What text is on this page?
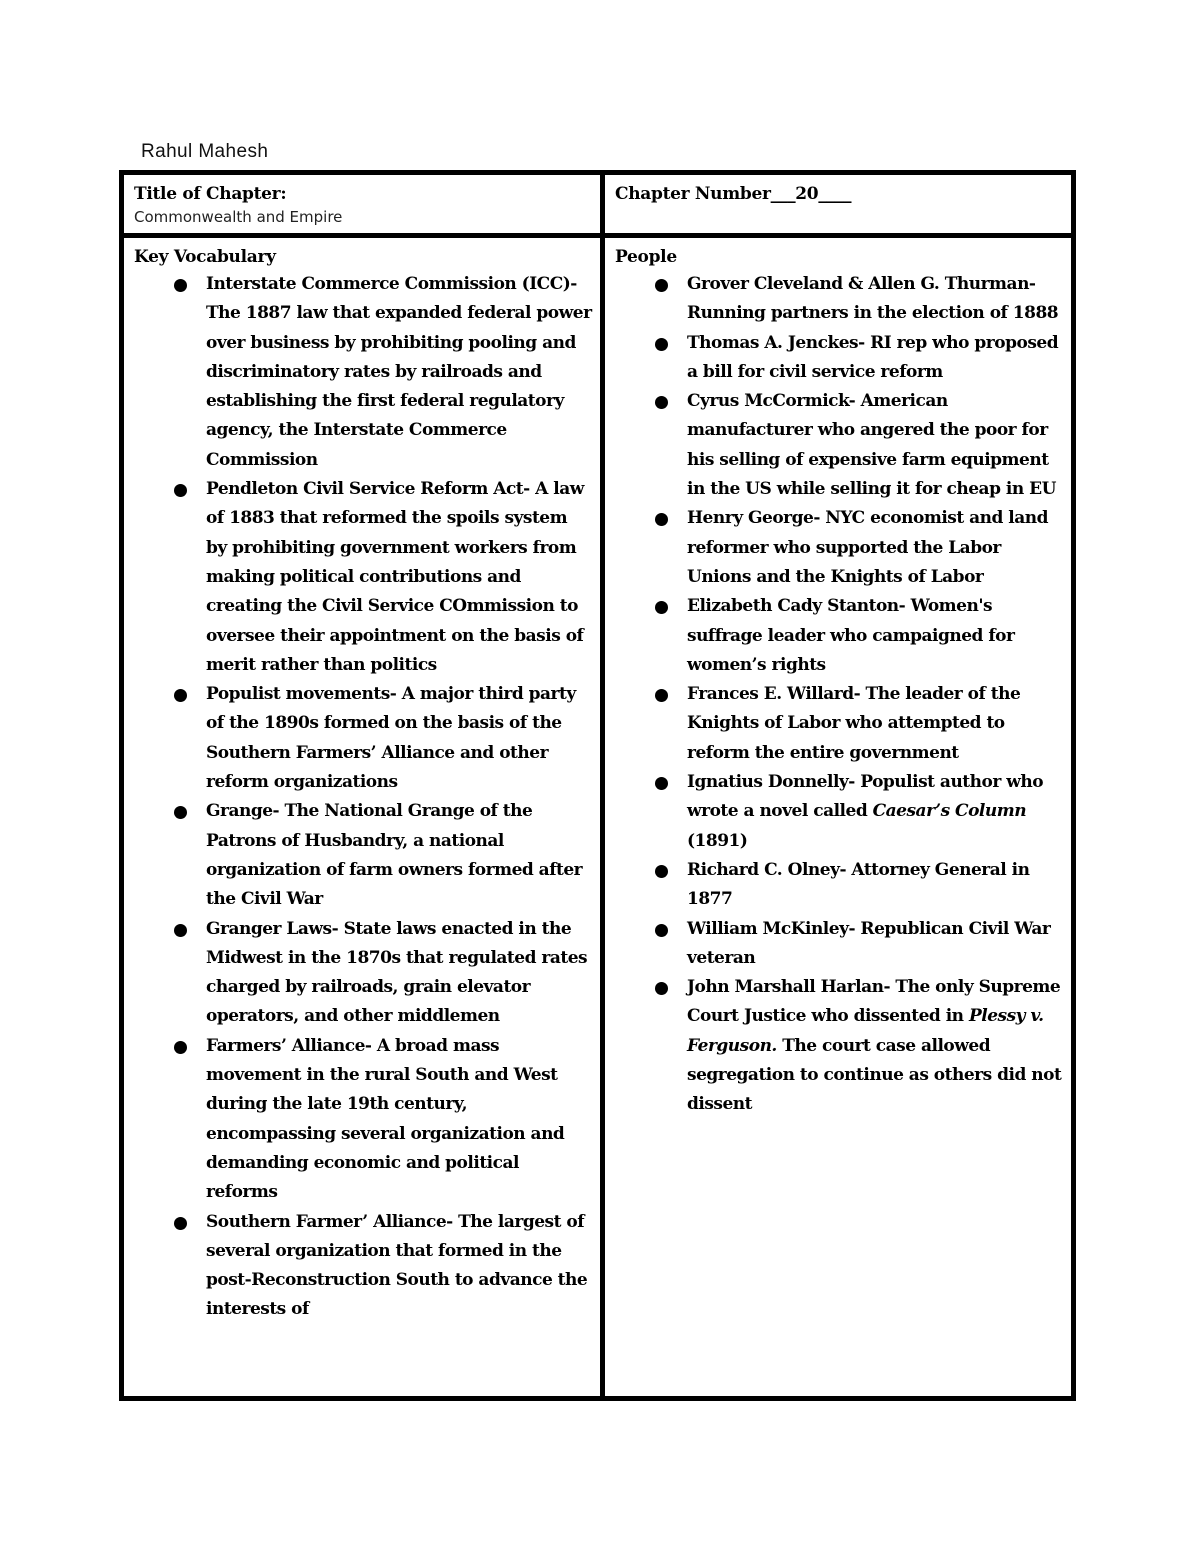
Rahul Mahesh
Title of Chapter:
Commonwealth and Empire
Chapter Number___20____
Key Vocabulary
Interstate Commerce Commission (ICC)- The 1887 law that expanded federal power over business by prohibiting pooling and discriminatory rates by railroads and establishing the first federal regulatory agency, the Interstate Commerce Commission
Pendleton Civil Service Reform Act- A law of 1883 that reformed the spoils system by prohibiting government workers from making political contributions and creating the Civil Service COmmission to oversee their appointment on the basis of merit rather than politics
Populist movements- A major third party of the 1890s formed on the basis of the Southern Farmers’ Alliance and other reform organizations
Grange- The National Grange of the Patrons of Husbandry, a national organization of farm owners formed after the Civil War
Granger Laws- State laws enacted in the Midwest in the 1870s that regulated rates charged by railroads, grain elevator operators, and other middlemen
Farmers’ Alliance- A broad mass movement in the rural South and West during the late 19th century, encompassing several organization and demanding economic and political reforms
Southern Farmer’ Alliance- The largest of several organization that formed in the post-Reconstruction South to advance the interests of
People
Grover Cleveland & Allen G. Thurman- Running partners in the election of 1888
Thomas A. Jenckes- RI rep who proposed a bill for civil service reform
Cyrus McCormick- American manufacturer who angered the poor for his selling of expensive farm equipment in the US while selling it for cheap in EU
Henry George- NYC economist and land reformer who supported the Labor Unions and the Knights of Labor
Elizabeth Cady Stanton- Women's suffrage leader who campaigned for women’s rights
Frances E. Willard- The leader of the Knights of Labor who attempted to reform the entire government
Ignatius Donnelly- Populist author who wrote a novel called Caesar’s Column (1891)
Richard C. Olney- Attorney General in 1877
William McKinley- Republican Civil War veteran
John Marshall Harlan- The only Supreme Court Justice who dissented in Plessy v. Ferguson. The court case allowed segregation to continue as others did not dissent
